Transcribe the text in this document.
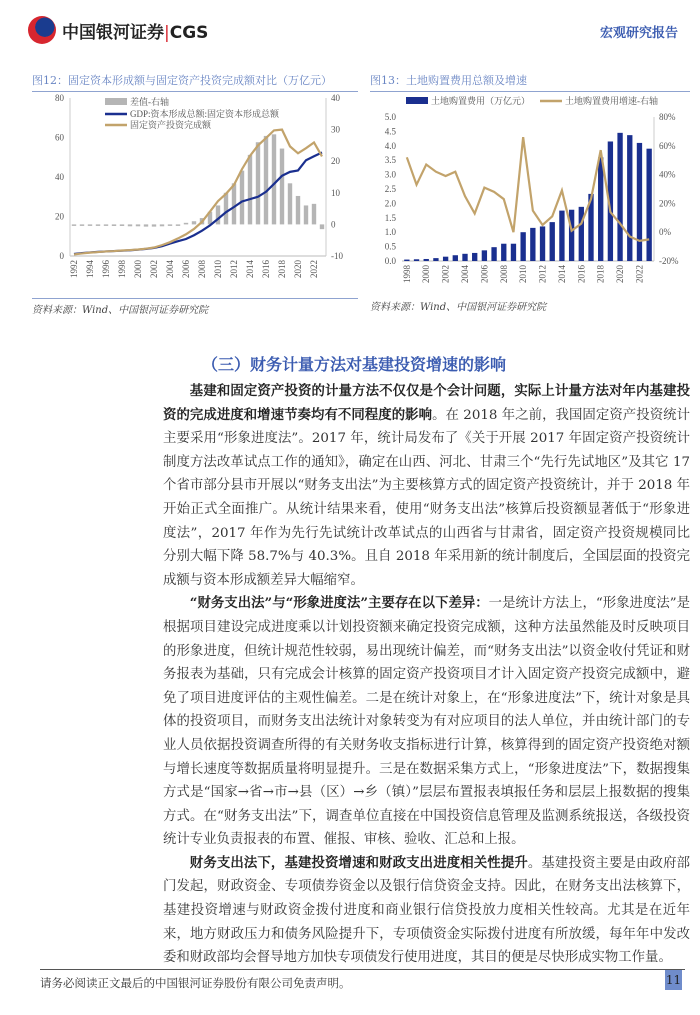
中国银河证券|CGS	宏观研究报告
图12：固定资本形成额与固定资产投资完成额对比（万亿元）
0
20
40
60
80
-10
0
10
20
30
40
1992 1994 1996 1998 2000 2002 2004 2006 2008 2010 2012 2014 2016 2018 2020 2022
差值-右轴
GDP:资本形成总额:固定资本形成总额
固定资产投资完成额
资料来源：Wind、中国银河证券研究院
图13：土地购置费用总额及增速
0.0
0.5
1.0
1.5
2.0
2.5
3.0
3.5
4.0
4.5
5.0
-20%
0%
20%
40%
60%
80%
1998 2000 2002 2004 2006 2008 2010 2012 2014 2016 2018 2020 2022
土地购置费用（万亿元）	土地购置费用增速-右轴
资料来源：Wind、中国银河证券研究院
（三）财务计量方法对基建投资增速的影响

基建和固定资产投资的计量方法不仅仅是个会计问题，实际上计量方法对年内基建投资的完成进度和增速节奏均有不同程度的影响。在 2018 年之前，我国固定资产投资统计主要采用“形象进度法”。2017 年，统计局发布了《关于开展 2017 年固定资产投资统计制度方法改革试点工作的通知》，确定在山西、河北、甘肃三个“先行先试地区”及其它 17 个省市部分县市开展以“财务支出法”为主要核算方式的固定资产投资统计，并于 2018 年开始正式全面推广。从统计结果来看，使用“财务支出法”核算后投资额显著低于“形象进度法”，2017 年作为先行先试统计改革试点的山西省与甘肃省，固定资产投资规模同比分别大幅下降 58.7%与 40.3%。且自 2018 年采用新的统计制度后，全国层面的投资完成额与资本形成额差异大幅缩窄。

“财务支出法”与“形象进度法”主要存在以下差异：一是统计方法上，“形象进度法”是根据项目建设完成进度乘以计划投资额来确定投资完成额，这种方法虽然能及时反映项目的形象进度，但统计规范性较弱，易出现统计偏差，而“财务支出法”以资金收付凭证和财务报表为基础，只有完成会计核算的固定资产投资项目才计入固定资产投资完成额中，避免了项目进度评估的主观性偏差。二是在统计对象上，在“形象进度法”下，统计对象是具体的投资项目，而财务支出法统计对象转变为有对应项目的法人单位，并由统计部门的专业人员依据投资调查所得的有关财务收支指标进行计算，核算得到的固定资产投资绝对额与增长速度等数据质量将明显提升。三是在数据采集方式上，“形象进度法”下，数据搜集方式是“国家→省→市→县（区）→乡（镇）”层层布置报表填报任务和层层上报数据的搜集方式。在“财务支出法”下，调查单位直接在中国投资信息管理及监测系统报送，各级投资统计专业负责报表的布置、催报、审核、验收、汇总和上报。

财务支出法下，基建投资增速和财政支出进度相关性提升。基建投资主要是由政府部门发起，财政资金、专项债券资金以及银行信贷资金支持。因此，在财务支出法核算下，基建投资增速与财政资金拨付进度和商业银行信贷投放力度相关性较高。尤其是在近年来，地方财政压力和债务风险提升下，专项债资金实际拨付进度有所放缓，每年年中发改委和财政部均会督导地方加快专项债发行使用进度，其目的便是尽快形成实物工作量。

请务必阅读正文最后的中国银河证券股份有限公司免责声明。	11
